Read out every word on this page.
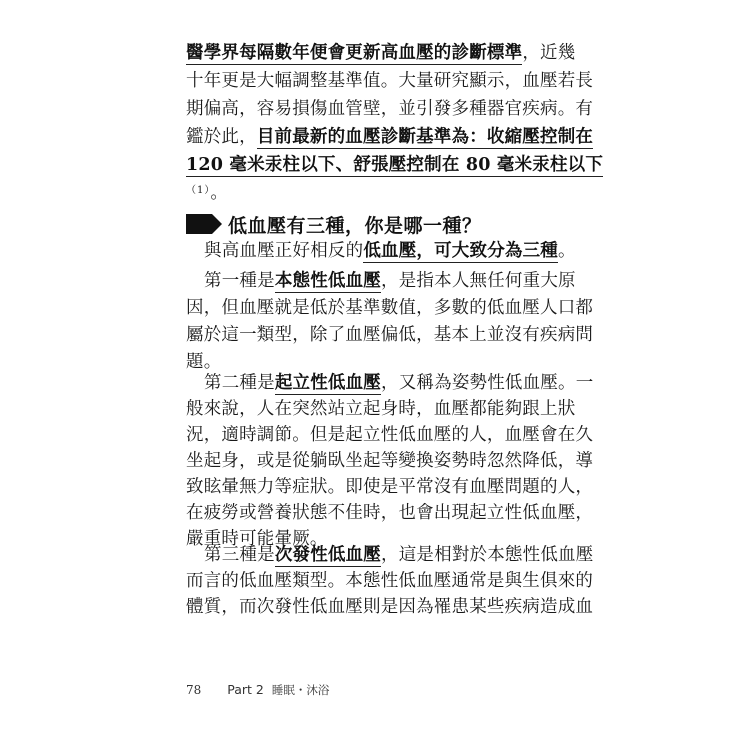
醫學界每隔數年便會更新高血壓的診斷標準，近幾
十年更是大幅調整基準值。大量研究顯示，血壓若長
期偏高，容易損傷血管壁，並引發多種器官疾病。有
鑑於此，目前最新的血壓診斷基準為：收縮壓控制在
120 毫米汞柱以下、舒張壓控制在 80 毫米汞柱以下
$^{(1)}$。
低血壓有三種，你是哪一種？
與高血壓正好相反的低血壓，可大致分為三種。
第一種是本態性低血壓，是指本人無任何重大原
因，但血壓就是低於基準數值，多數的低血壓人口都
屬於這一類型，除了血壓偏低，基本上並沒有疾病問
題。
第二種是起立性低血壓，又稱為姿勢性低血壓。一
般來說，人在突然站立起身時，血壓都能夠跟上狀
況，適時調節。但是起立性低血壓的人，血壓會在久
坐起身，或是從躺臥坐起等變換姿勢時忽然降低，導
致眩暈無力等症狀。即使是平常沒有血壓問題的人，
在疲勞或營養狀態不佳時，也會出現起立性低血壓，
嚴重時可能暈厥。
第三種是次發性低血壓，這是相對於本態性低血壓
而言的低血壓類型。本態性低血壓通常是與生俱來的
體質，而次發性低血壓則是因為罹患某些疾病造成血
78 Part 2 睡眠・沐浴
